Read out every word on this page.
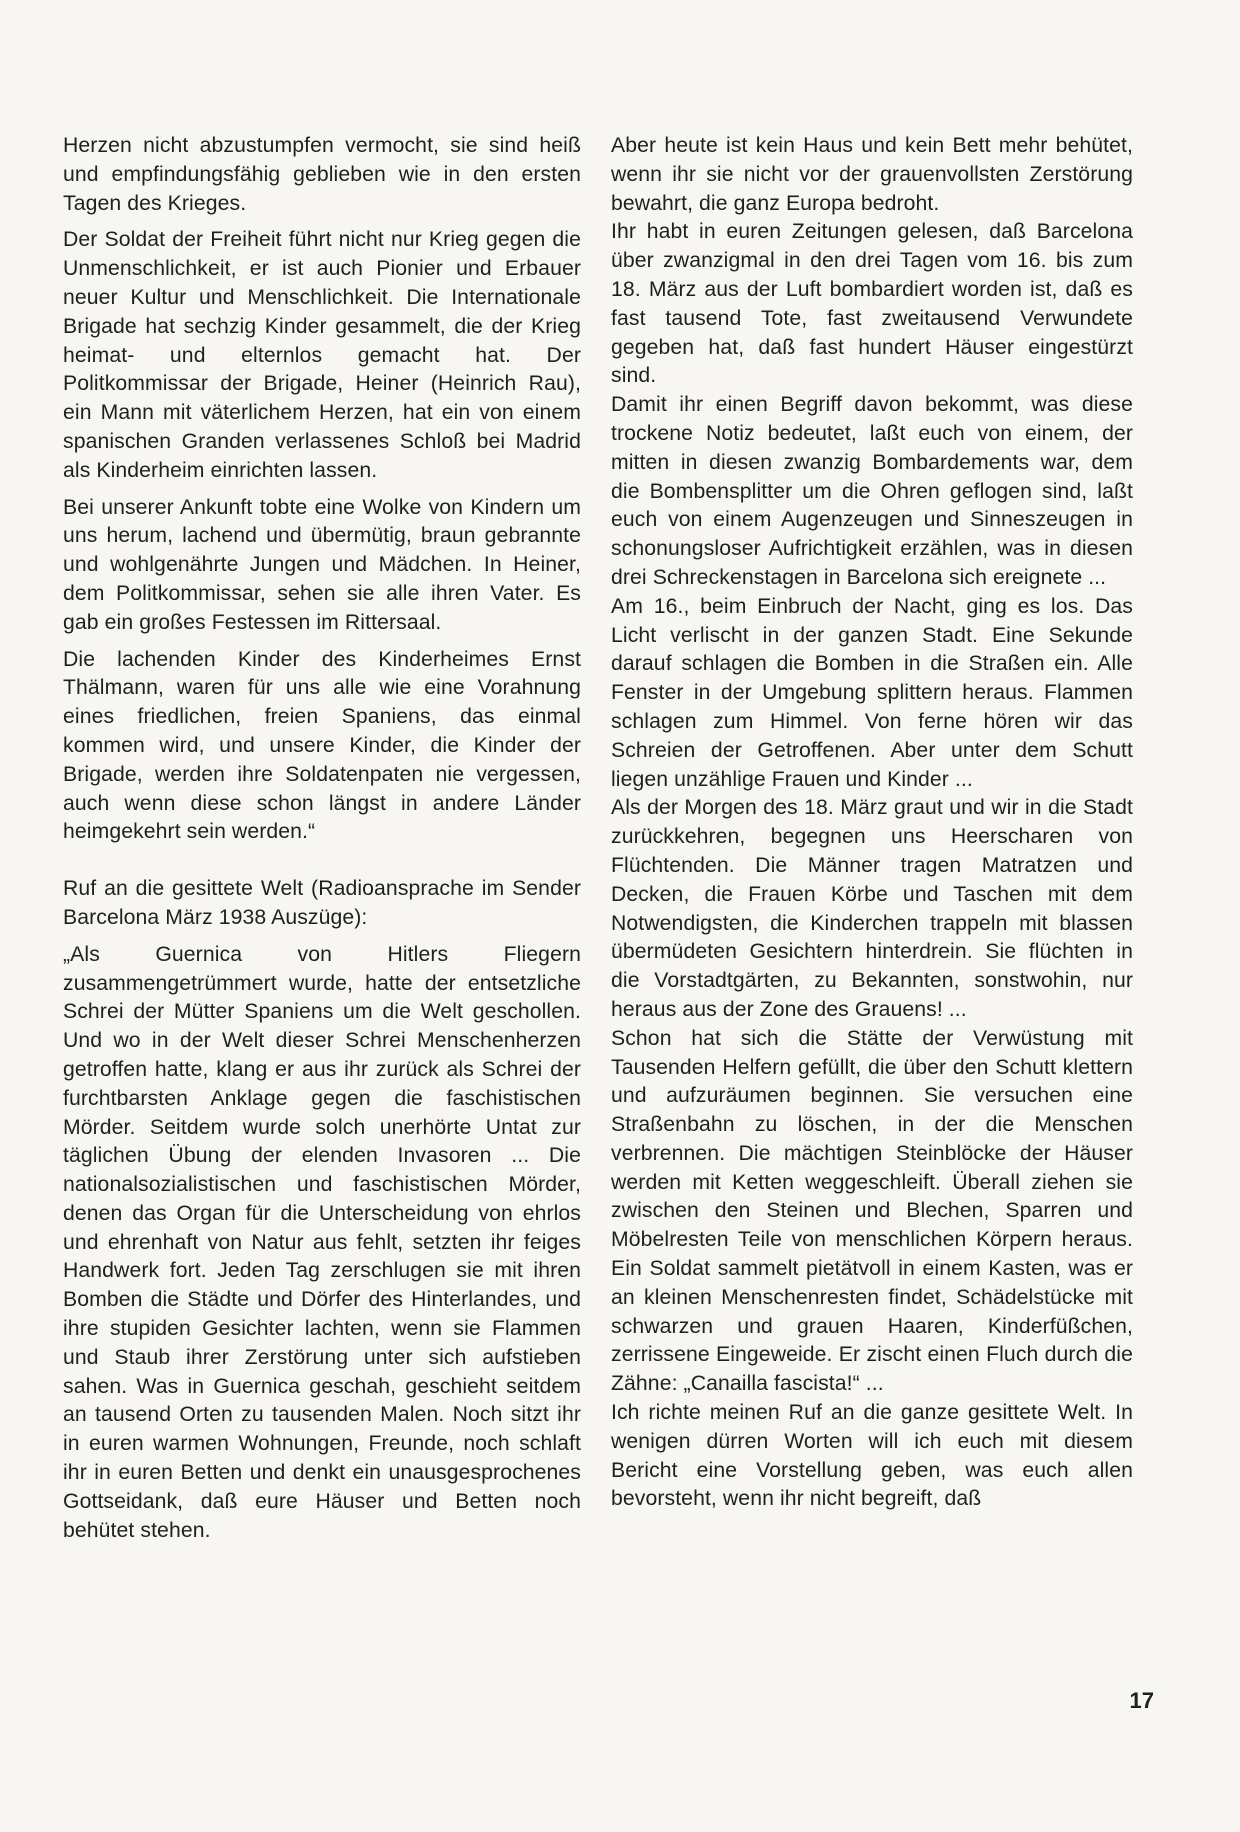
Herzen nicht abzustumpfen vermocht, sie sind heiß und empfindungsfähig geblieben wie in den ersten Tagen des Krieges.

Der Soldat der Freiheit führt nicht nur Krieg gegen die Unmenschlichkeit, er ist auch Pionier und Erbauer neuer Kultur und Menschlichkeit. Die Internationale Brigade hat sechzig Kinder gesammelt, die der Krieg heimat- und elternlos gemacht hat. Der Politkommissar der Brigade, Heiner (Heinrich Rau), ein Mann mit väterlichem Herzen, hat ein von einem spanischen Granden verlassenes Schloß bei Madrid als Kinderheim einrichten lassen.

Bei unserer Ankunft tobte eine Wolke von Kindern um uns herum, lachend und übermütig, braun gebrannte und wohlgenährte Jungen und Mädchen. In Heiner, dem Politkommissar, sehen sie alle ihren Vater. Es gab ein großes Festessen im Rittersaal.

Die lachenden Kinder des Kinderheimes Ernst Thälmann, waren für uns alle wie eine Vorahnung eines friedlichen, freien Spaniens, das einmal kommen wird, und unsere Kinder, die Kinder der Brigade, werden ihre Soldatenpaten nie vergessen, auch wenn diese schon längst in andere Länder heimgekehrt sein werden.“

Ruf an die gesittete Welt (Radioansprache im Sender Barcelona März 1938 Auszüge):

„Als Guernica von Hitlers Fliegern zusammengetrümmert wurde, hatte der entsetzliche Schrei der Mütter Spaniens um die Welt geschollen. Und wo in der Welt dieser Schrei Menschenherzen getroffen hatte, klang er aus ihr zurück als Schrei der furchtbarsten Anklage gegen die faschistischen Mörder. Seitdem wurde solch unerhörte Untat zur täglichen Übung der elenden Invasoren ... Die nationalsozialistischen und faschistischen Mörder, denen das Organ für die Unterscheidung von ehrlos und ehrenhaft von Natur aus fehlt, setzten ihr feiges Handwerk fort. Jeden Tag zerschlugen sie mit ihren Bomben die Städte und Dörfer des Hinterlandes, und ihre stupiden Gesichter lachten, wenn sie Flammen und Staub ihrer Zerstörung unter sich aufstieben sahen. Was in Guernica geschah, geschieht seitdem an tausend Orten zu tausenden Malen. Noch sitzt ihr in euren warmen Wohnungen, Freunde, noch schlaft ihr in euren Betten und denkt ein unausgesprochenes Gottseidank, daß eure Häuser und Betten noch behütet stehen.

Aber heute ist kein Haus und kein Bett mehr behütet, wenn ihr sie nicht vor der grauenvollsten Zerstörung bewahrt, die ganz Europa bedroht.

Ihr habt in euren Zeitungen gelesen, daß Barcelona über zwanzigmal in den drei Tagen vom 16. bis zum 18. März aus der Luft bombardiert worden ist, daß es fast tausend Tote, fast zweitausend Verwundete gegeben hat, daß fast hundert Häuser eingestürzt sind.

Damit ihr einen Begriff davon bekommt, was diese trockene Notiz bedeutet, laßt euch von einem, der mitten in diesen zwanzig Bombardements war, dem die Bombensplitter um die Ohren geflogen sind, laßt euch von einem Augenzeugen und Sinneszeugen in schonungsloser Aufrichtigkeit erzählen, was in diesen drei Schreckenstagen in Barcelona sich ereignete ...

Am 16., beim Einbruch der Nacht, ging es los. Das Licht verlischt in der ganzen Stadt. Eine Sekunde darauf schlagen die Bomben in die Straßen ein. Alle Fenster in der Umgebung splittern heraus. Flammen schlagen zum Himmel. Von ferne hören wir das Schreien der Getroffenen. Aber unter dem Schutt liegen unzählige Frauen und Kinder ...

Als der Morgen des 18. März graut und wir in die Stadt zurückkehren, begegnen uns Heerscharen von Flüchtenden. Die Männer tragen Matratzen und Decken, die Frauen Körbe und Taschen mit dem Notwendigsten, die Kinderchen trappeln mit blassen übermüdeten Gesichtern hinterdrein. Sie flüchten in die Vorstadtgärten, zu Bekannten, sonstwohin, nur heraus aus der Zone des Grauens! ...

Schon hat sich die Stätte der Verwüstung mit Tausenden Helfern gefüllt, die über den Schutt klettern und aufzuräumen beginnen. Sie versuchen eine Straßenbahn zu löschen, in der die Menschen verbrennen. Die mächtigen Steinblöcke der Häuser werden mit Ketten weggeschleift. Überall ziehen sie zwischen den Steinen und Blechen, Sparren und Möbelresten Teile von menschlichen Körpern heraus. Ein Soldat sammelt pietätvoll in einem Kasten, was er an kleinen Menschenresten findet, Schädelstücke mit schwarzen und grauen Haaren, Kinderfüßchen, zerrissene Eingeweide. Er zischt einen Fluch durch die Zähne: „Canailla fascista!“ ...

Ich richte meinen Ruf an die ganze gesittete Welt. In wenigen dürren Worten will ich euch mit diesem Bericht eine Vorstellung geben, was euch allen bevorsteht, wenn ihr nicht begreift, daß

17
